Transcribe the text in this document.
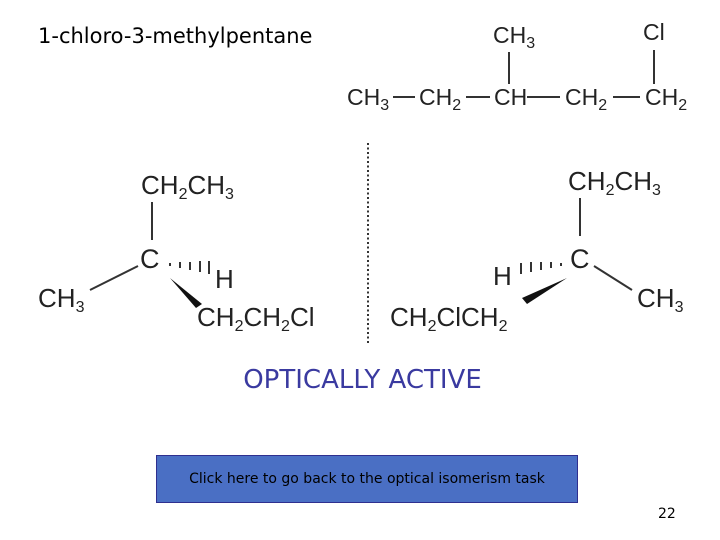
1-chloro-3-methylpentane	$CH_3$	Cl
$CH_3$ $CH_2$ CH $CH_2$ $CH_2$
CH2CH3
C
CH3
H
CH2CH2Cl
CH2CH3
C
CH3
H
CH2ClCH2
OPTICALLY ACTIVE
Click here to go back to the optical isomerism task
22
